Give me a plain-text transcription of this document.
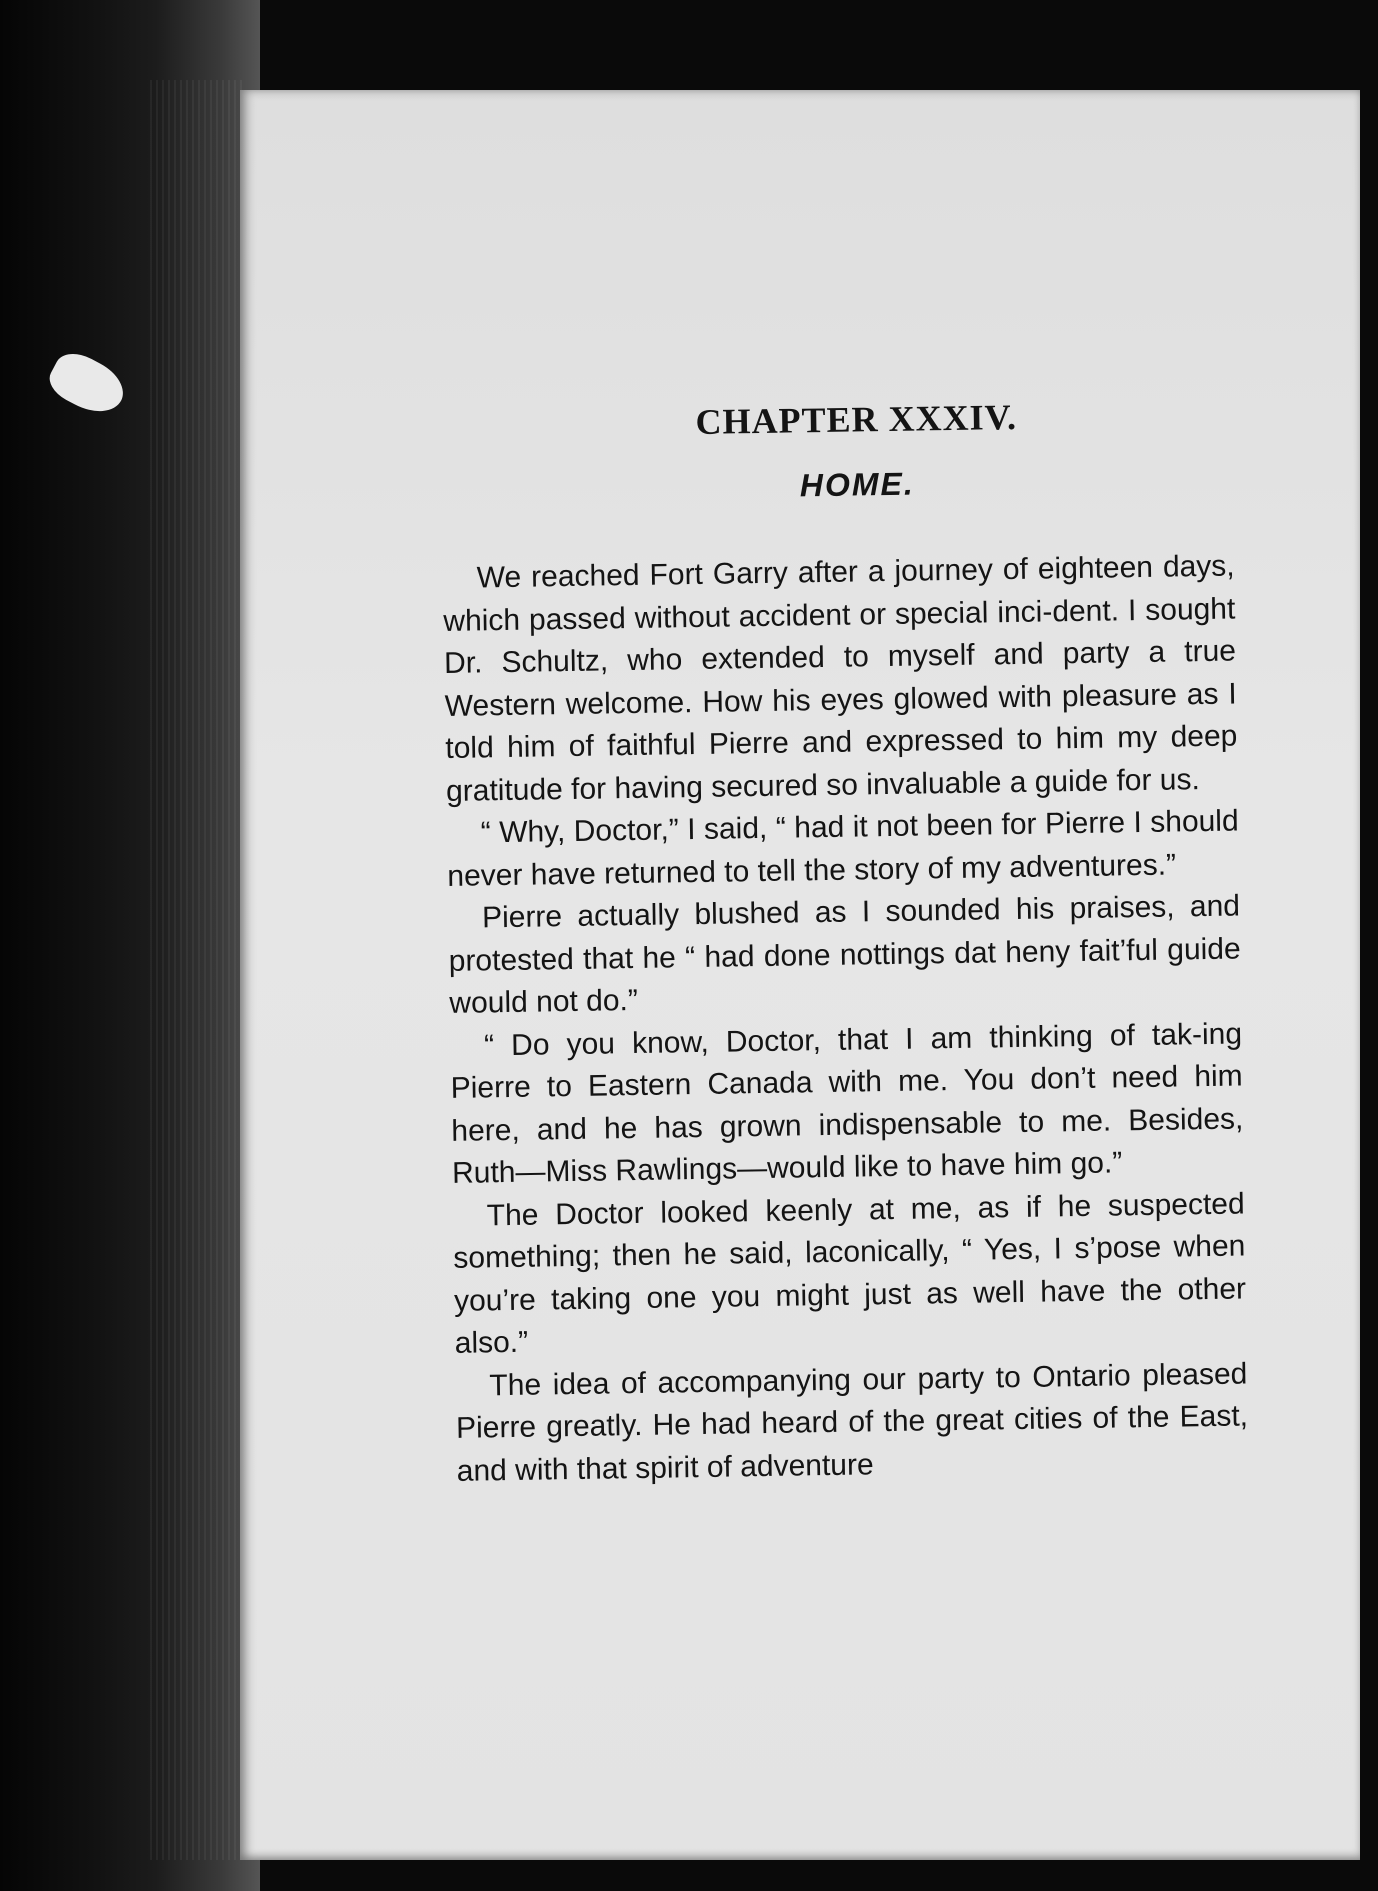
CHAPTER XXXIV.
HOME.

We reached Fort Garry after a journey of eighteen days, which passed without accident or special inci-dent. I sought Dr. Schultz, who extended to myself and party a true Western welcome. How his eyes glowed with pleasure as I told him of faithful Pierre and expressed to him my deep gratitude for having secured so invaluable a guide for us.

“ Why, Doctor,” I said, “ had it not been for Pierre I should never have returned to tell the story of my adventures.”

Pierre actually blushed as I sounded his praises, and protested that he “ had done nottings dat heny fait’ful guide would not do.”

“ Do you know, Doctor, that I am thinking of tak-ing Pierre to Eastern Canada with me. You don’t need him here, and he has grown indispensable to me. Besides, Ruth—Miss Rawlings—would like to have him go.”

The Doctor looked keenly at me, as if he suspected something; then he said, laconically, “ Yes, I s’pose when you’re taking one you might just as well have the other also.”

The idea of accompanying our party to Ontario pleased Pierre greatly. He had heard of the great cities of the East, and with that spirit of adventure
